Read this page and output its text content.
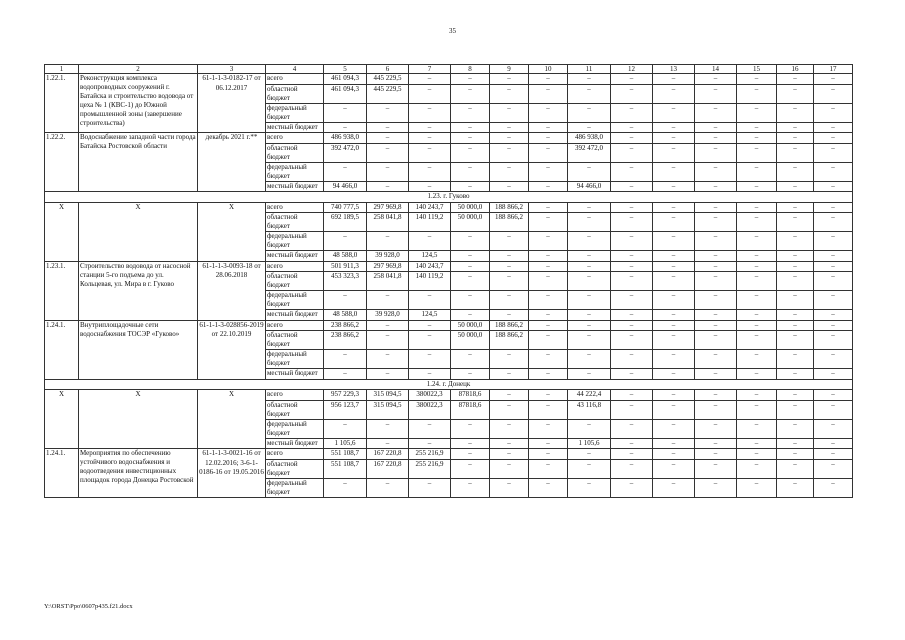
35
1	2	3	4	5	6	7	8	9	10	11	12	13	14	15	16	17
1.22.1.	Реконструкция комплекса водопроводных сооружений г. Батайска и строительство водовода от цеха № 1 (КВС-1) до Южной промышленной зоны (завершение строительства)	61-1-1-3-0182-17 от 06.12.2017	всего	461 094,3	445 229,5	–	–	–	–	–	–	–	–	–	–	–
			областной бюджет	461 094,3	445 229,5	–	–	–	–	–	–	–	–	–	–	–
			федеральный бюджет	–	–	–	–	–	–	–	–	–	–	–	–	–
			местный бюджет	–	–	–	–	–	–	–	–	–	–	–	–	–
1.22.2.	Водоснабжение западной части города Батайска Ростовской области	декабрь 2021 г.**	всего	486 938,0	–	–	–	–	–	486 938,0	–	–	–	–	–	–
			областной бюджет	392 472,0	–	–	–	–	–	392 472,0	–	–	–	–	–	–
			федеральный бюджет	–	–	–	–	–	–	–	–	–	–	–	–	–
			местный бюджет	94 466,0	–	–	–	–	–	94 466,0	–	–	–	–	–	–
1.23. г. Гуково																
X	X	X	всего	740 777,5	297 969,8	140 243,7	50 000,0	188 866,2	–	–	–	–	–	–	–	–
			областной бюджет	692 189,5	258 041,8	140 119,2	50 000,0	188 866,2	–	–	–	–	–	–	–	–
			федеральный бюджет	–	–	–	–	–	–	–	–	–	–	–	–	–
			местный бюджет	48 588,0	39 928,0	124,5	–	–	–	–	–	–	–	–	–	–
1.23.1.	Строительство водовода от насосной станции 5-го подъема до ул. Кольцевая, ул. Мира в г. Гуково	61-1-1-3-0093-18 от 28.06.2018	всего	501 911,3	297 969,8	140 243,7	–	–	–	–	–	–	–	–	–	–
			областной бюджет	453 323,3	258 041,8	140 119,2	–	–	–	–	–	–	–	–	–	–
			федеральный бюджет	–	–	–	–	–	–	–	–	–	–	–	–	–
			местный бюджет	48 588,0	39 928,0	124,5	–	–	–	–	–	–	–	–	–	–
1.24.1.	Внутриплощадочные сети водоснабжения ТОСЭР «Гуково»	61-1-1-3-028856-2019 от 22.10.2019	всего	238 866,2	–	–	50 000,0	188 866,2	–	–	–	–	–	–	–	–
			областной бюджет	238 866,2	–	–	50 000,0	188 866,2	–	–	–	–	–	–	–	–
			федеральный бюджет	–	–	–	–	–	–	–	–	–	–	–	–	–
			местный бюджет	–	–	–	–	–	–	–	–	–	–	–	–	–
1.24. г. Донецк																
X	X	X	всего	957 229,3	315 094,5	380022,3	87818,6	–	–	44 222,4	–	–	–	–	–	–
			областной бюджет	956 123,7	315 094,5	380022,3	87818,6	–	–	43 116,8	–	–	–	–	–	–
			федеральный бюджет	–	–	–	–	–	–	–	–	–	–	–	–	–
			местный бюджет	1 105,6	–	–	–	–	–	1 105,6	–	–	–	–	–	–
1.24.1.	Мероприятия по обеспечению устойчивого водоснабжения и водоотведения инвестиционных площадок города Донецка Ростовской	61-1-1-3-0021-16 от 12.02.2016; 3-6-1-0186-16 от 19.05.2016	всего	551 108,7	167 220,8	255 216,9	–	–	–	–	–	–	–	–	–	–
			областной бюджет	551 108,7	167 220,8	255 216,9	–	–	–	–	–	–	–	–	–	–
			федеральный бюджет	–	–	–	–	–	–	–	–	–	–	–	–	–
Y:\ORST\Ppo\0607p435.f21.docx
